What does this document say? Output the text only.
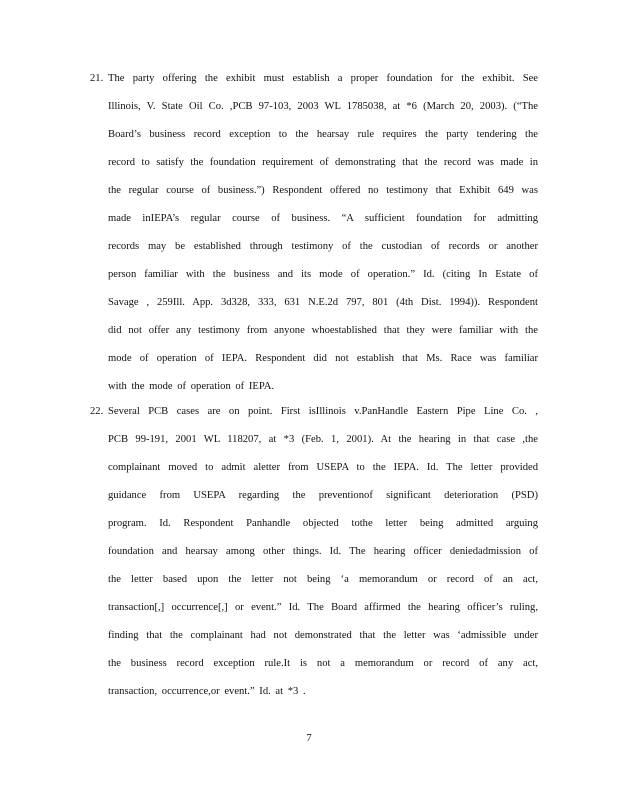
21. The party offering the exhibit must establish a proper foundation for the exhibit. See
Illinois, V. State Oil Co. ,PCB 97-103, 2003 WL 1785038, at *6 (March 20, 2003). (“The
Board’s business record exception to the hearsay rule requires the party tendering the
record to satisfy the foundation requirement of demonstrating that the record was made in
the regular course of business.”) Respondent offered no testimony that Exhibit 649 was
made inIEPA’s regular course of business. “A sufficient foundation for admitting
records may be established through testimony of the custodian of records or another
person familiar with the business and its mode of operation.” Id. (citing In Estate of
Savage , 259Ill. App. 3d328, 333, 631 N.E.2d 797, 801 (4th Dist. 1994)). Respondent
did not offer any testimony from anyone whoestablished that they were familiar with the
mode of operation of IEPA. Respondent did not establish that Ms. Race was familiar
with the mode of operation of IEPA.
22. Several PCB cases are on point. First isIllinois v.PanHandle Eastern Pipe Line Co. ,
PCB 99-191, 2001 WL 118207, at *3 (Feb. 1, 2001). At the hearing in that case ,the
complainant moved to admit aletter from USEPA to the IEPA. Id. The letter provided
guidance from USEPA regarding the preventionof significant deterioration (PSD)
program. Id. Respondent Panhandle objected tothe letter being admitted arguing
foundation and hearsay among other things. Id. The hearing officer deniedadmission of
the letter based upon the letter not being ‘a memorandum or record of an act,
transaction[,] occurrence[,] or event.” Id. The Board affirmed the hearing officer’s ruling,
finding that the complainant had not demonstrated that the letter was ‘admissible under
the business record exception rule.It is not a memorandum or record of any act,
transaction, occurrence,or event.” Id. at *3 .
7
